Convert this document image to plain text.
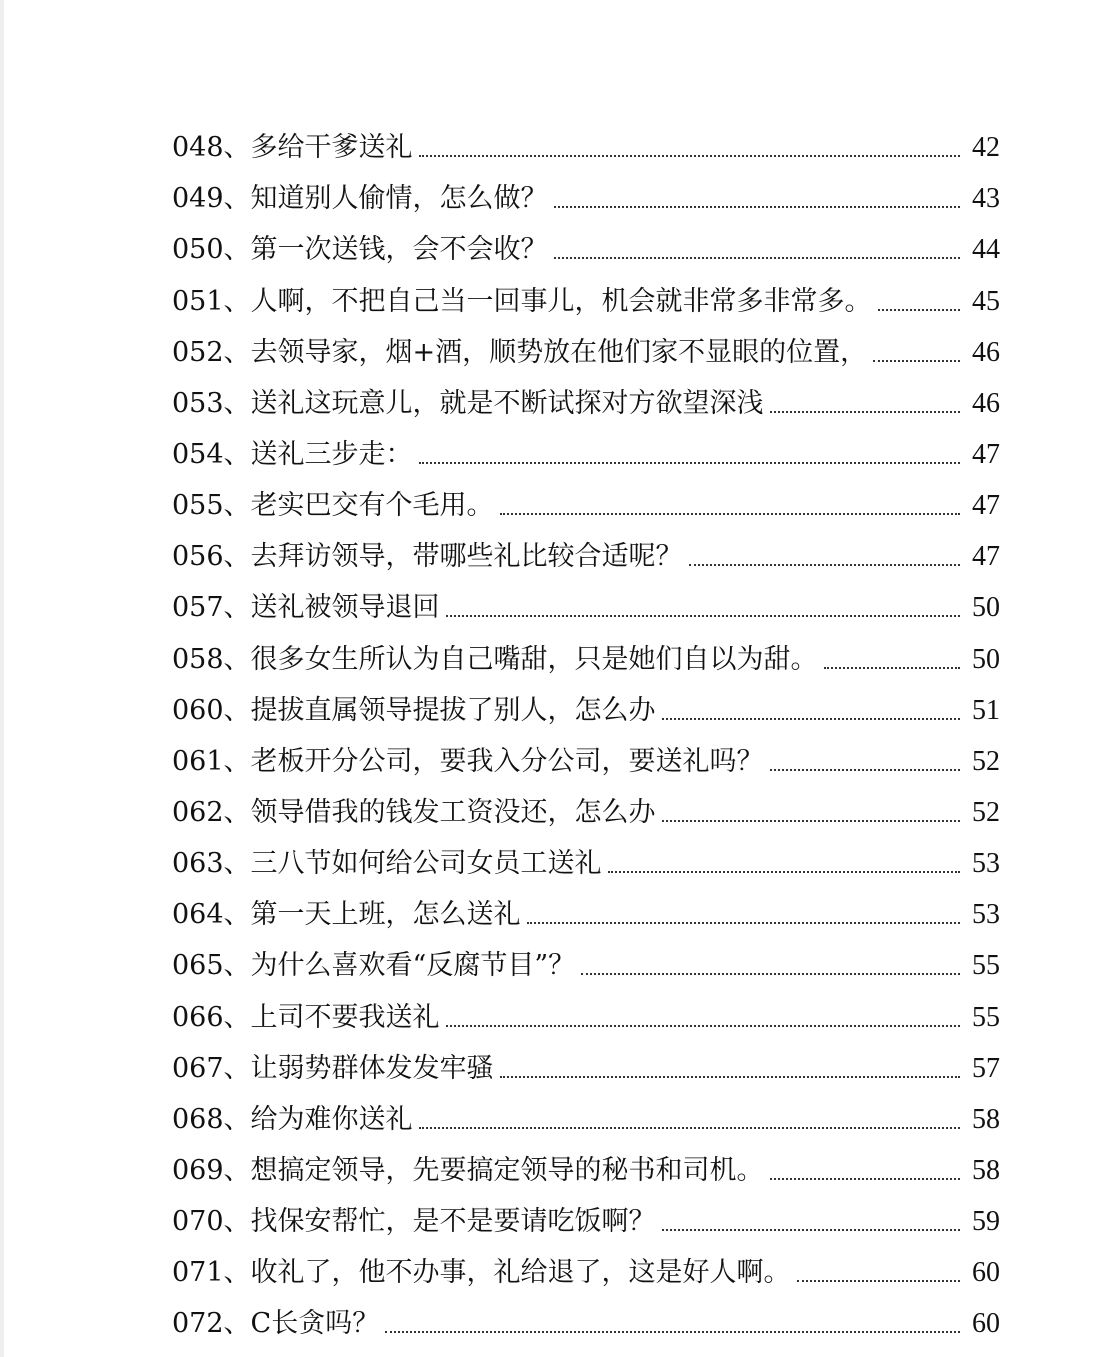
048、 多给干爹送礼	42
049、 知道别人偷情，怎么做？	43
050、 第一次送钱，会不会收？	44
051、 人啊，不把自己当一回事儿，机会就非常多非常多。	45
052、 去领导家，烟+酒，顺势放在他们家不显眼的位置，	46
053、 送礼这玩意儿，就是不断试探对方欲望深浅	46
054、 送礼三步走：	47
055、 老实巴交有个毛用。	47
056、 去拜访领导，带哪些礼比较合适呢？	47
057、 送礼被领导退回	50
058、 很多女生所认为自己嘴甜，只是她们自以为甜。	50
060、 提拔直属领导提拔了别人，怎么办	51
061、 老板开分公司，要我入分公司，要送礼吗？	52
062、 领导借我的钱发工资没还，怎么办	52
063、 三八节如何给公司女员工送礼	53
064、 第一天上班，怎么送礼	53
065、 为什么喜欢看“反腐节目”？	55
066、 上司不要我送礼	55
067、 让弱势群体发发牢骚	57
068、 给为难你送礼	58
069、 想搞定领导，先要搞定领导的秘书和司机。	58
070、 找保安帮忙，是不是要请吃饭啊？	59
071、 收礼了，他不办事，礼给退了，这是好人啊。	60
072、 C长贪吗？	60
